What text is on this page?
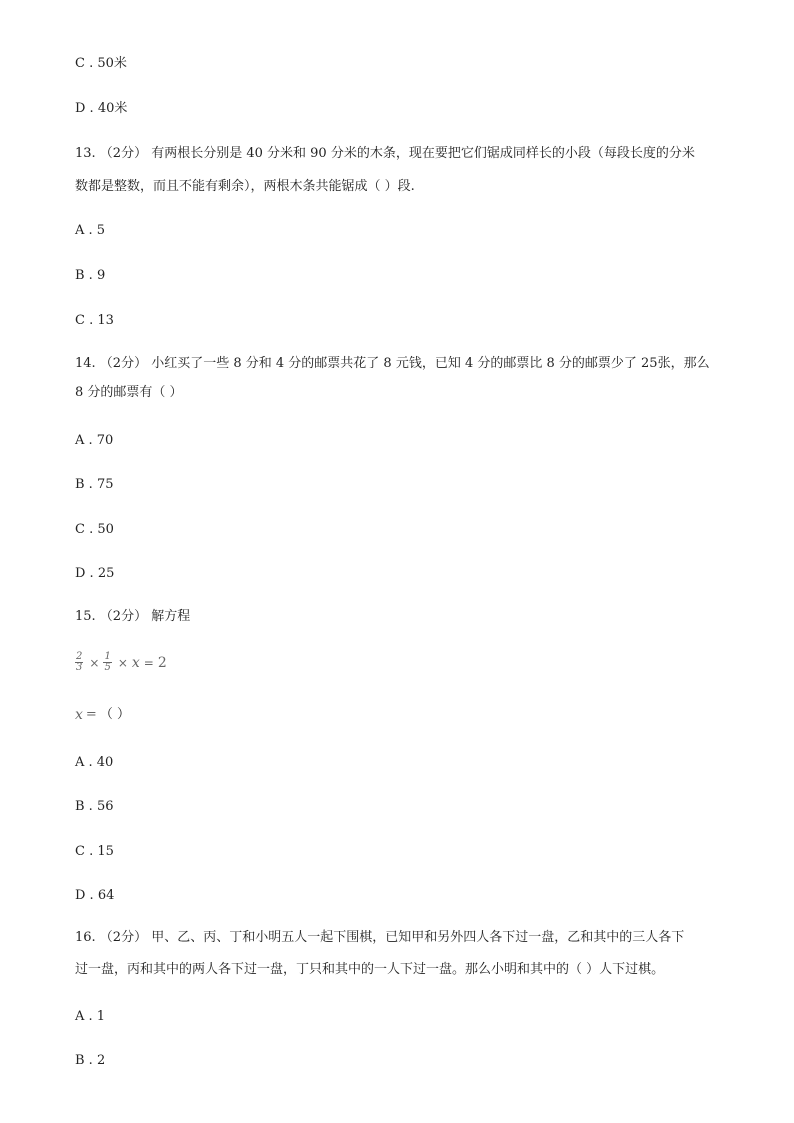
C . 50米
D . 40米
13. （2分） 有两根长分别是 40 分米和 90 分米的木条，现在要把它们锯成同样长的小段（每段长度的分米
数都是整数，而且不能有剩余），两根木条共能锯成（ ）段.
A . 5
B . 9
C . 13
14. （2分） 小红买了一些 8 分和 4 分的邮票共花了 8 元钱，已知 4 分的邮票比 8 分的邮票少了 25张，那么
8 分的邮票有（ ）
A . 70
B . 75
C . 50
D . 25
15. （2分） 解方程
$\frac{2}{3} \times \frac{1}{5} \times x = 2$
x = （ ）
A . 40
B . 56
C . 15
D . 64
16. （2分） 甲、乙、丙、丁和小明五人一起下围棋，已知甲和另外四人各下过一盘，乙和其中的三人各下
过一盘，丙和其中的两人各下过一盘，丁只和其中的一人下过一盘。那么小明和其中的（ ）人下过棋。
A . 1
B . 2
